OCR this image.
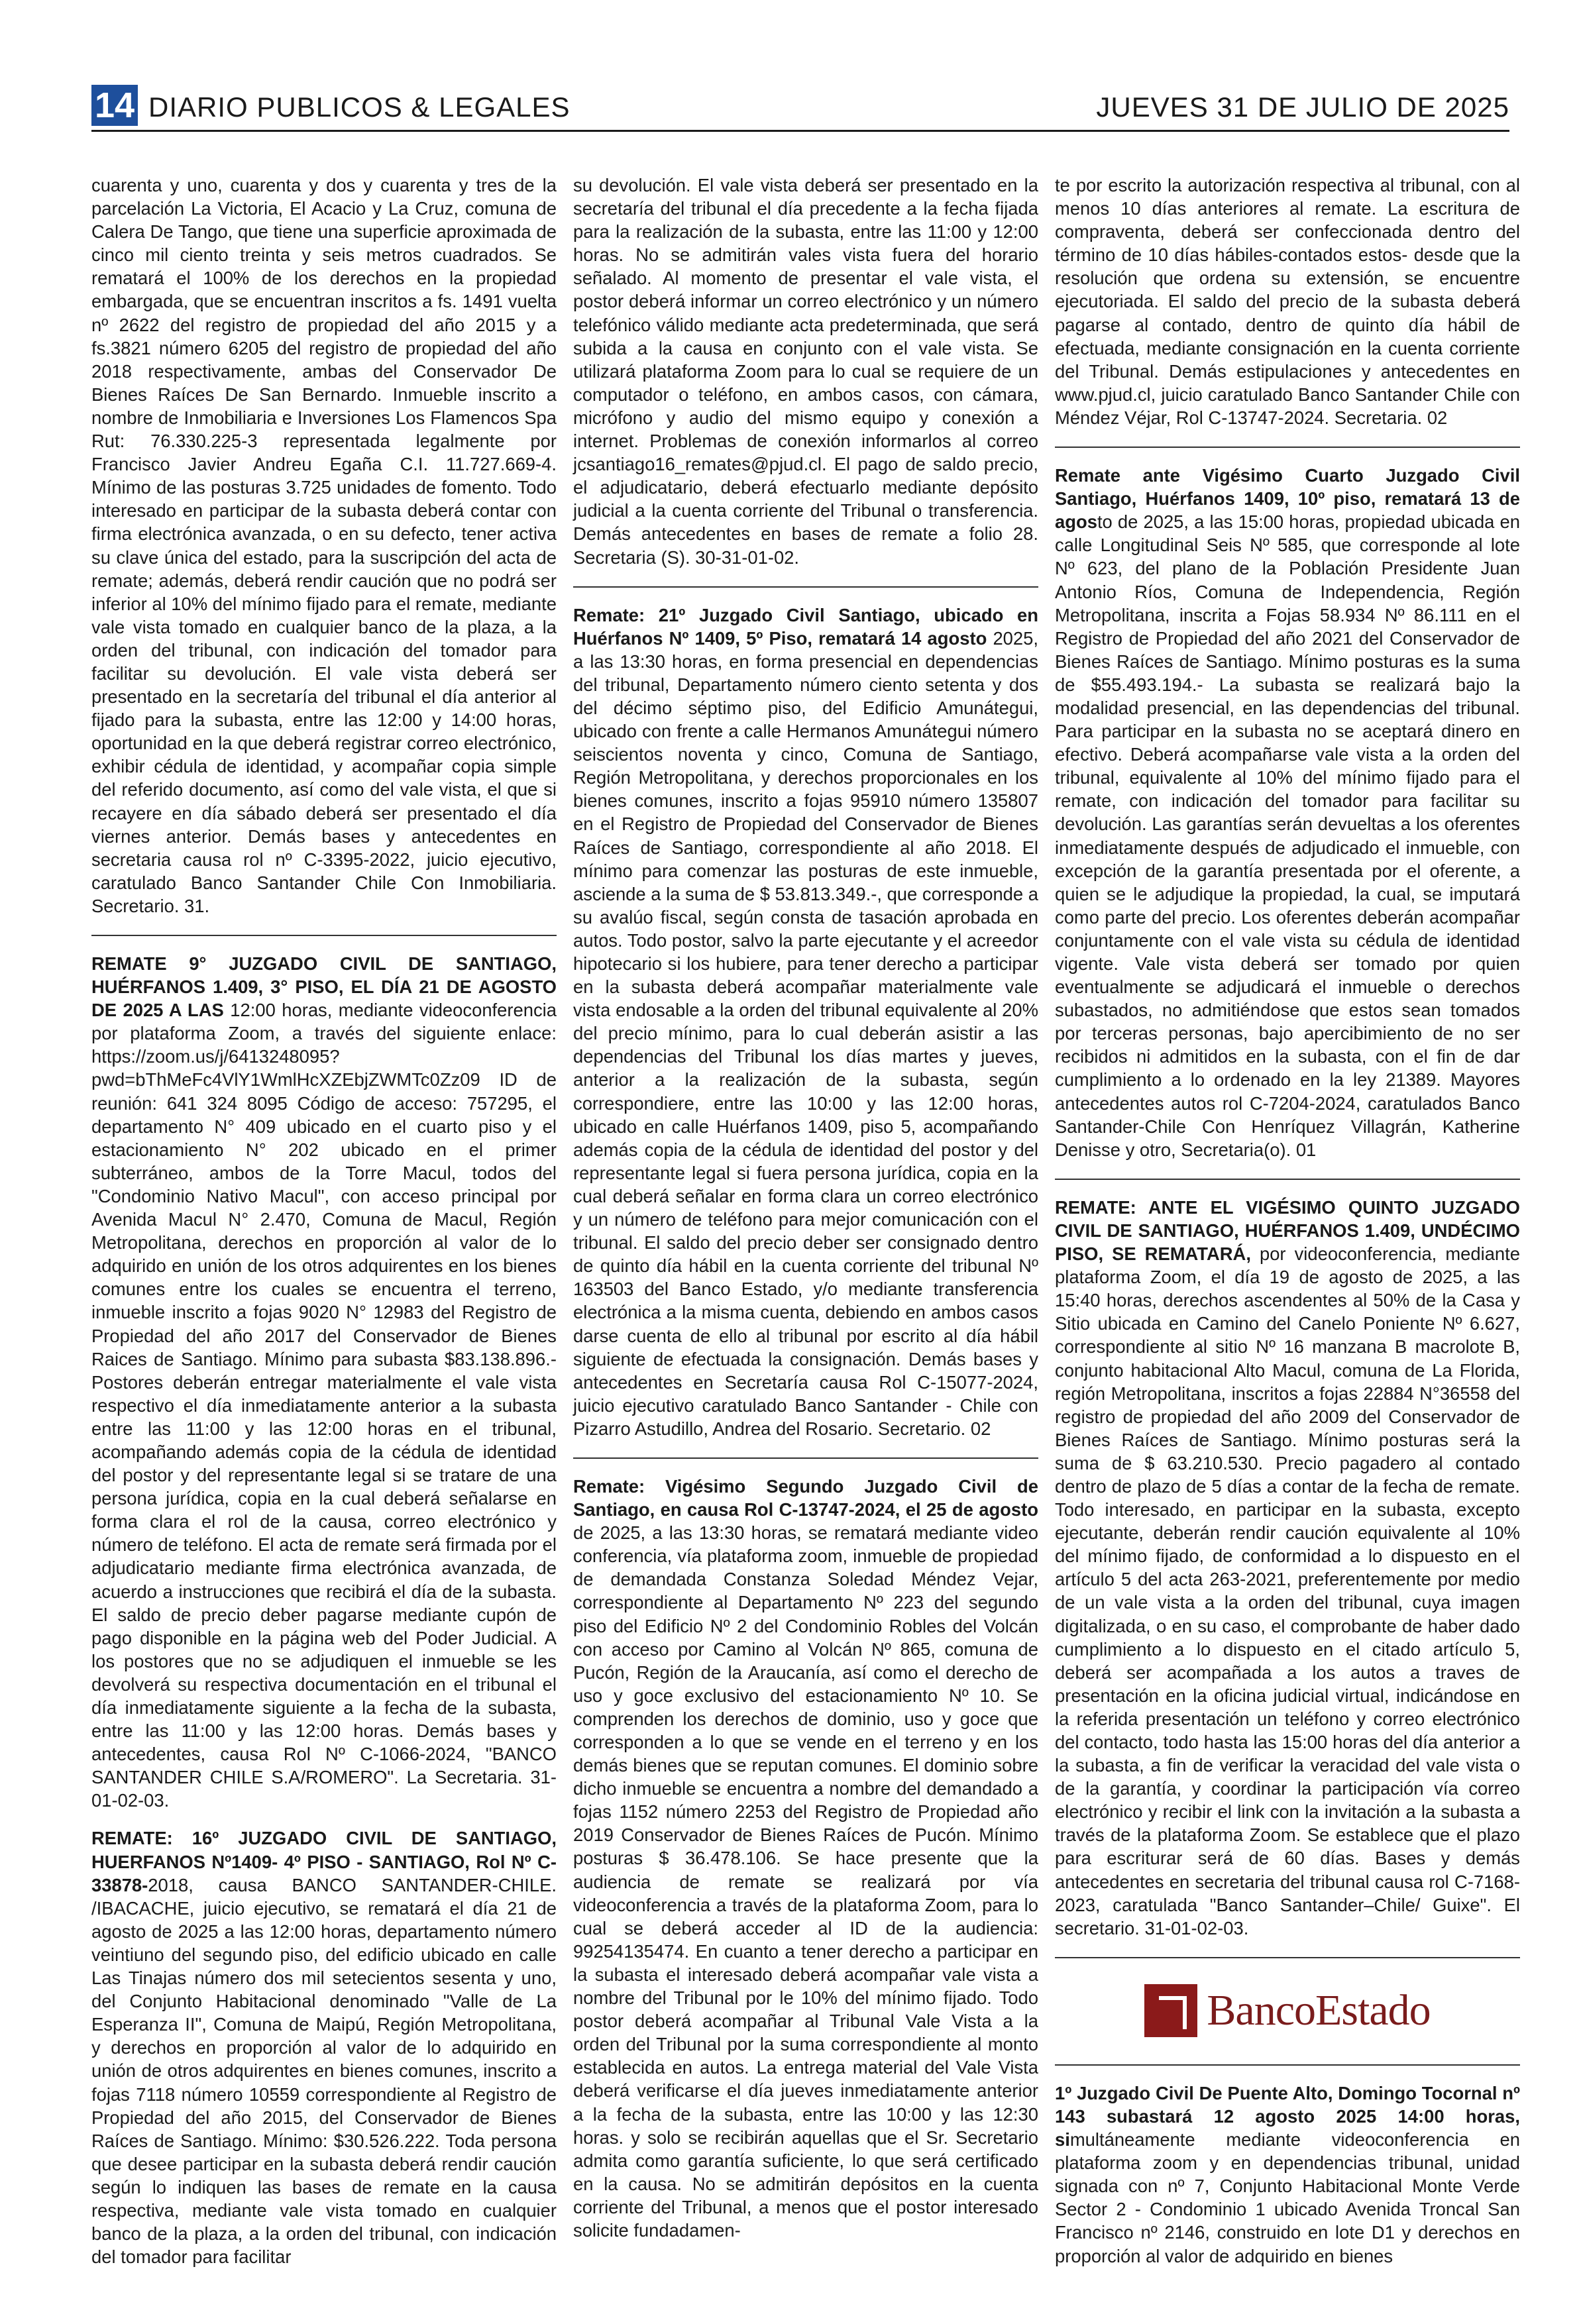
14 DIARIO PUBLICOS & LEGALES	JUEVES 31 DE JULIO DE 2025

cuarenta y uno, cuarenta y dos y cuarenta y tres de la parcelación La Victoria, El Acacio y La Cruz, comuna de Calera De Tango, que tiene una superficie aproximada de cinco mil ciento treinta y seis metros cuadrados. Se rematará el 100% de los derechos en la propiedad embargada, que se encuentran inscritos a fs. 1491 vuelta nº 2622 del registro de propiedad del año 2015 y a fs.3821 número 6205 del registro de propiedad del año 2018 respectivamente, ambas del Conservador De Bienes Raíces De San Bernardo. Inmueble inscrito a nombre de Inmobiliaria e Inversiones Los Flamencos Spa Rut: 76.330.225-3 representada legalmente por Francisco Javier Andreu Egaña C.I. 11.727.669-4. Mínimo de las posturas 3.725 unidades de fomento. Todo interesado en participar de la subasta deberá contar con firma electrónica avanzada, o en su defecto, tener activa su clave única del estado, para la suscripción del acta de remate; además, deberá rendir caución que no podrá ser inferior al 10% del mínimo fijado para el remate, mediante vale vista tomado en cualquier banco de la plaza, a la orden del tribunal, con indicación del tomador para facilitar su devolución. El vale vista deberá ser presentado en la secretaría del tribunal el día anterior al fijado para la subasta, entre las 12:00 y 14:00 horas, oportunidad en la que deberá registrar correo electrónico, exhibir cédula de identidad, y acompañar copia simple del referido documento, así como del vale vista, el que si recayere en día sábado deberá ser presentado el día viernes anterior. Demás bases y antecedentes en secretaria causa rol nº C-3395-2022, juicio ejecutivo, caratulado Banco Santander Chile Con Inmobiliaria. Secretario. 31.

REMATE 9° JUZGADO CIVIL DE SANTIAGO, HUÉRFANOS 1.409, 3° PISO, EL DÍA 21 DE AGOSTO DE 2025 A LAS 12:00 horas, mediante videoconferencia por plataforma Zoom, a través del siguiente enlace: https://zoom.us/j/6413248095?pwd=bThMeFc4VlY1WmlHcXZEbjZWMTc0Zz09 ID de reunión: 641 324 8095 Código de acceso: 757295, el departamento N° 409 ubicado en el cuarto piso y el estacionamiento N° 202 ubicado en el primer subterráneo, ambos de la Torre Macul, todos del "Condominio Nativo Macul", con acceso principal por Avenida Macul N° 2.470, Comuna de Macul, Región Metropolitana, derechos en proporción al valor de lo adquirido en unión de los otros adquirentes en los bienes comunes entre los cuales se encuentra el terreno, inmueble inscrito a fojas 9020 N° 12983 del Registro de Propiedad del año 2017 del Conservador de Bienes Raices de Santiago. Mínimo para subasta $83.138.896.- Postores deberán entregar materialmente el vale vista respectivo el día inmediatamente anterior a la subasta entre las 11:00 y las 12:00 horas en el tribunal, acompañando además copia de la cédula de identidad del postor y del representante legal si se tratare de una persona jurídica, copia en la cual deberá señalarse en forma clara el rol de la causa, correo electrónico y número de teléfono. El acta de remate será firmada por el adjudicatario mediante firma electrónica avanzada, de acuerdo a instrucciones que recibirá el día de la subasta. El saldo de precio deber pagarse mediante cupón de pago disponible en la página web del Poder Judicial. A los postores que no se adjudiquen el inmueble se les devolverá su respectiva documentación en el tribunal el día inmediatamente siguiente a la fecha de la subasta, entre las 11:00 y las 12:00 horas. Demás bases y antecedentes, causa Rol Nº C-1066-2024, "BANCO SANTANDER CHILE S.A/ROMERO". La Secretaria. 31-01-02-03.

REMATE: 16º JUZGADO CIVIL DE SANTIAGO, HUERFANOS Nº1409- 4º PISO - SANTIAGO, Rol Nº C-33878-2018, causa BANCO SANTANDER-CHILE. /IBACACHE, juicio ejecutivo, se rematará el día 21 de agosto de 2025 a las 12:00 horas, departamento número veintiuno del segundo piso, del edificio ubicado en calle Las Tinajas número dos mil setecientos sesenta y uno, del Conjunto Habitacional denominado "Valle de La Esperanza II", Comuna de Maipú, Región Metropolitana, y derechos en proporción al valor de lo adquirido en unión de otros adquirentes en bienes comunes, inscrito a fojas 7118 número 10559 correspondiente al Registro de Propiedad del año 2015, del Conservador de Bienes Raíces de Santiago. Mínimo: $30.526.222. Toda persona que desee participar en la subasta deberá rendir caución según lo indiquen las bases de remate en la causa respectiva, mediante vale vista tomado en cualquier banco de la plaza, a la orden del tribunal, con indicación del tomador para facilitar

su devolución. El vale vista deberá ser presentado en la secretaría del tribunal el día precedente a la fecha fijada para la realización de la subasta, entre las 11:00 y 12:00 horas. No se admitirán vales vista fuera del horario señalado. Al momento de presentar el vale vista, el postor deberá informar un correo electrónico y un número telefónico válido mediante acta predeterminada, que será subida a la causa en conjunto con el vale vista. Se utilizará plataforma Zoom para lo cual se requiere de un computador o teléfono, en ambos casos, con cámara, micrófono y audio del mismo equipo y conexión a internet. Problemas de conexión informarlos al correo jcsantiago16_remates@pjud.cl. El pago de saldo precio, el adjudicatario, deberá efectuarlo mediante depósito judicial a la cuenta corriente del Tribunal o transferencia. Demás antecedentes en bases de remate a folio 28. Secretaria (S). 30-31-01-02.

Remate: 21º Juzgado Civil Santiago, ubicado en Huérfanos Nº 1409, 5º Piso, rematará 14 agosto 2025, a las 13:30 horas, en forma presencial en dependencias del tribunal, Departamento número ciento setenta y dos del décimo séptimo piso, del Edificio Amunátegui, ubicado con frente a calle Hermanos Amunátegui número seiscientos noventa y cinco, Comuna de Santiago, Región Metropolitana, y derechos proporcionales en los bienes comunes, inscrito a fojas 95910 número 135807 en el Registro de Propiedad del Conservador de Bienes Raíces de Santiago, correspondiente al año 2018. El mínimo para comenzar las posturas de este inmueble, asciende a la suma de $ 53.813.349.-, que corresponde a su avalúo fiscal, según consta de tasación aprobada en autos. Todo postor, salvo la parte ejecutante y el acreedor hipotecario si los hubiere, para tener derecho a participar en la subasta deberá acompañar materialmente vale vista endosable a la orden del tribunal equivalente al 20% del precio mínimo, para lo cual deberán asistir a las dependencias del Tribunal los días martes y jueves, anterior a la realización de la subasta, según correspondiere, entre las 10:00 y las 12:00 horas, ubicado en calle Huérfanos 1409, piso 5, acompañando además copia de la cédula de identidad del postor y del representante legal si fuera persona jurídica, copia en la cual deberá señalar en forma clara un correo electrónico y un número de teléfono para mejor comunicación con el tribunal. El saldo del precio deber ser consignado dentro de quinto día hábil en la cuenta corriente del tribunal Nº 163503 del Banco Estado, y/o mediante transferencia electrónica a la misma cuenta, debiendo en ambos casos darse cuenta de ello al tribunal por escrito al día hábil siguiente de efectuada la consignación. Demás bases y antecedentes en Secretaría causa Rol C-15077-2024, juicio ejecutivo caratulado Banco Santander - Chile con Pizarro Astudillo, Andrea del Rosario. Secretario. 02

Remate: Vigésimo Segundo Juzgado Civil de Santiago, en causa Rol C-13747-2024, el 25 de agosto de 2025, a las 13:30 horas, se rematará mediante video conferencia, vía plataforma zoom, inmueble de propiedad de demandada Constanza Soledad Méndez Vejar, correspondiente al Departamento Nº 223 del segundo piso del Edificio Nº 2 del Condominio Robles del Volcán con acceso por Camino al Volcán Nº 865, comuna de Pucón, Región de la Araucanía, así como el derecho de uso y goce exclusivo del estacionamiento Nº 10. Se comprenden los derechos de dominio, uso y goce que corresponden a lo que se vende en el terreno y en los demás bienes que se reputan comunes. El dominio sobre dicho inmueble se encuentra a nombre del demandado a fojas 1152 número 2253 del Registro de Propiedad año 2019 Conservador de Bienes Raíces de Pucón. Mínimo posturas $ 36.478.106. Se hace presente que la audiencia de remate se realizará por vía videoconferencia a través de la plataforma Zoom, para lo cual se deberá acceder al ID de la audiencia: 99254135474. En cuanto a tener derecho a participar en la subasta el interesado deberá acompañar vale vista a nombre del Tribunal por le 10% del mínimo fijado. Todo postor deberá acompañar al Tribunal Vale Vista a la orden del Tribunal por la suma correspondiente al monto establecida en autos. La entrega material del Vale Vista deberá verificarse el día jueves inmediatamente anterior a la fecha de la subasta, entre las 10:00 y las 12:30 horas. y solo se recibirán aquellas que el Sr. Secretario admita como garantía suficiente, lo que será certificado en la causa. No se admitirán depósitos en la cuenta corriente del Tribunal, a menos que el postor interesado solicite fundadamen-

te por escrito la autorización respectiva al tribunal, con al menos 10 días anteriores al remate. La escritura de compraventa, deberá ser confeccionada dentro del término de 10 días hábiles-contados estos- desde que la resolución que ordena su extensión, se encuentre ejecutoriada. El saldo del precio de la subasta deberá pagarse al contado, dentro de quinto día hábil de efectuada, mediante consignación en la cuenta corriente del Tribunal. Demás estipulaciones y antecedentes en www.pjud.cl, juicio caratulado Banco Santander Chile con Méndez Véjar, Rol C-13747-2024. Secretaria. 02

Remate ante Vigésimo Cuarto Juzgado Civil Santiago, Huérfanos 1409, 10º piso, rematará 13 de agosto de 2025, a las 15:00 horas, propiedad ubicada en calle Longitudinal Seis Nº 585, que corresponde al lote Nº 623, del plano de la Población Presidente Juan Antonio Ríos, Comuna de Independencia, Región Metropolitana, inscrita a Fojas 58.934 Nº 86.111 en el Registro de Propiedad del año 2021 del Conservador de Bienes Raíces de Santiago. Mínimo posturas es la suma de $55.493.194.- La subasta se realizará bajo la modalidad presencial, en las dependencias del tribunal. Para participar en la subasta no se aceptará dinero en efectivo. Deberá acompañarse vale vista a la orden del tribunal, equivalente al 10% del mínimo fijado para el remate, con indicación del tomador para facilitar su devolución. Las garantías serán devueltas a los oferentes inmediatamente después de adjudicado el inmueble, con excepción de la garantía presentada por el oferente, a quien se le adjudique la propiedad, la cual, se imputará como parte del precio. Los oferentes deberán acompañar conjuntamente con el vale vista su cédula de identidad vigente. Vale vista deberá ser tomado por quien eventualmente se adjudicará el inmueble o derechos subastados, no admitiéndose que estos sean tomados por terceras personas, bajo apercibimiento de no ser recibidos ni admitidos en la subasta, con el fin de dar cumplimiento a lo ordenado en la ley 21389. Mayores antecedentes autos rol C-7204-2024, caratulados Banco Santander-Chile Con Henríquez Villagrán, Katherine Denisse y otro, Secretaria(o). 01

REMATE: ANTE EL VIGÉSIMO QUINTO JUZGADO CIVIL DE SANTIAGO, HUÉRFANOS 1.409, UNDÉCIMO PISO, SE REMATARÁ, por videoconferencia, mediante plataforma Zoom, el día 19 de agosto de 2025, a las 15:40 horas, derechos ascendentes al 50% de la Casa y Sitio ubicada en Camino del Canelo Poniente Nº 6.627, correspondiente al sitio Nº 16 manzana B macrolote B, conjunto habitacional Alto Macul, comuna de La Florida, región Metropolitana, inscritos a fojas 22884 N°36558 del registro de propiedad del año 2009 del Conservador de Bienes Raíces de Santiago. Mínimo posturas será la suma de $ 63.210.530. Precio pagadero al contado dentro de plazo de 5 días a contar de la fecha de remate. Todo interesado, en participar en la subasta, excepto ejecutante, deberán rendir caución equivalente al 10% del mínimo fijado, de conformidad a lo dispuesto en el artículo 5 del acta 263-2021, preferentemente por medio de un vale vista a la orden del tribunal, cuya imagen digitalizada, o en su caso, el comprobante de haber dado cumplimiento a lo dispuesto en el citado artículo 5, deberá ser acompañada a los autos a traves de presentación en la oficina judicial virtual, indicándose en la referida presentación un teléfono y correo electrónico del contacto, todo hasta las 15:00 horas del día anterior a la subasta, a fin de verificar la veracidad del vale vista o de la garantía, y coordinar la participación vía correo electrónico y recibir el link con la invitación a la subasta a través de la plataforma Zoom. Se establece que el plazo para escriturar será de 60 días. Bases y demás antecedentes en secretaria del tribunal causa rol C-7168-2023, caratulada "Banco Santander–Chile/ Guixe". El secretario. 31-01-02-03.

BancoEstado

1º Juzgado Civil De Puente Alto, Domingo Tocornal nº 143 subastará 12 agosto 2025 14:00 horas, simultáneamente mediante videoconferencia en plataforma zoom y en dependencias tribunal, unidad signada con nº 7, Conjunto Habitacional Monte Verde Sector 2 - Condominio 1 ubicado Avenida Troncal San Francisco nº 2146, construido en lote D1 y derechos en proporción al valor de adquirido en bienes
